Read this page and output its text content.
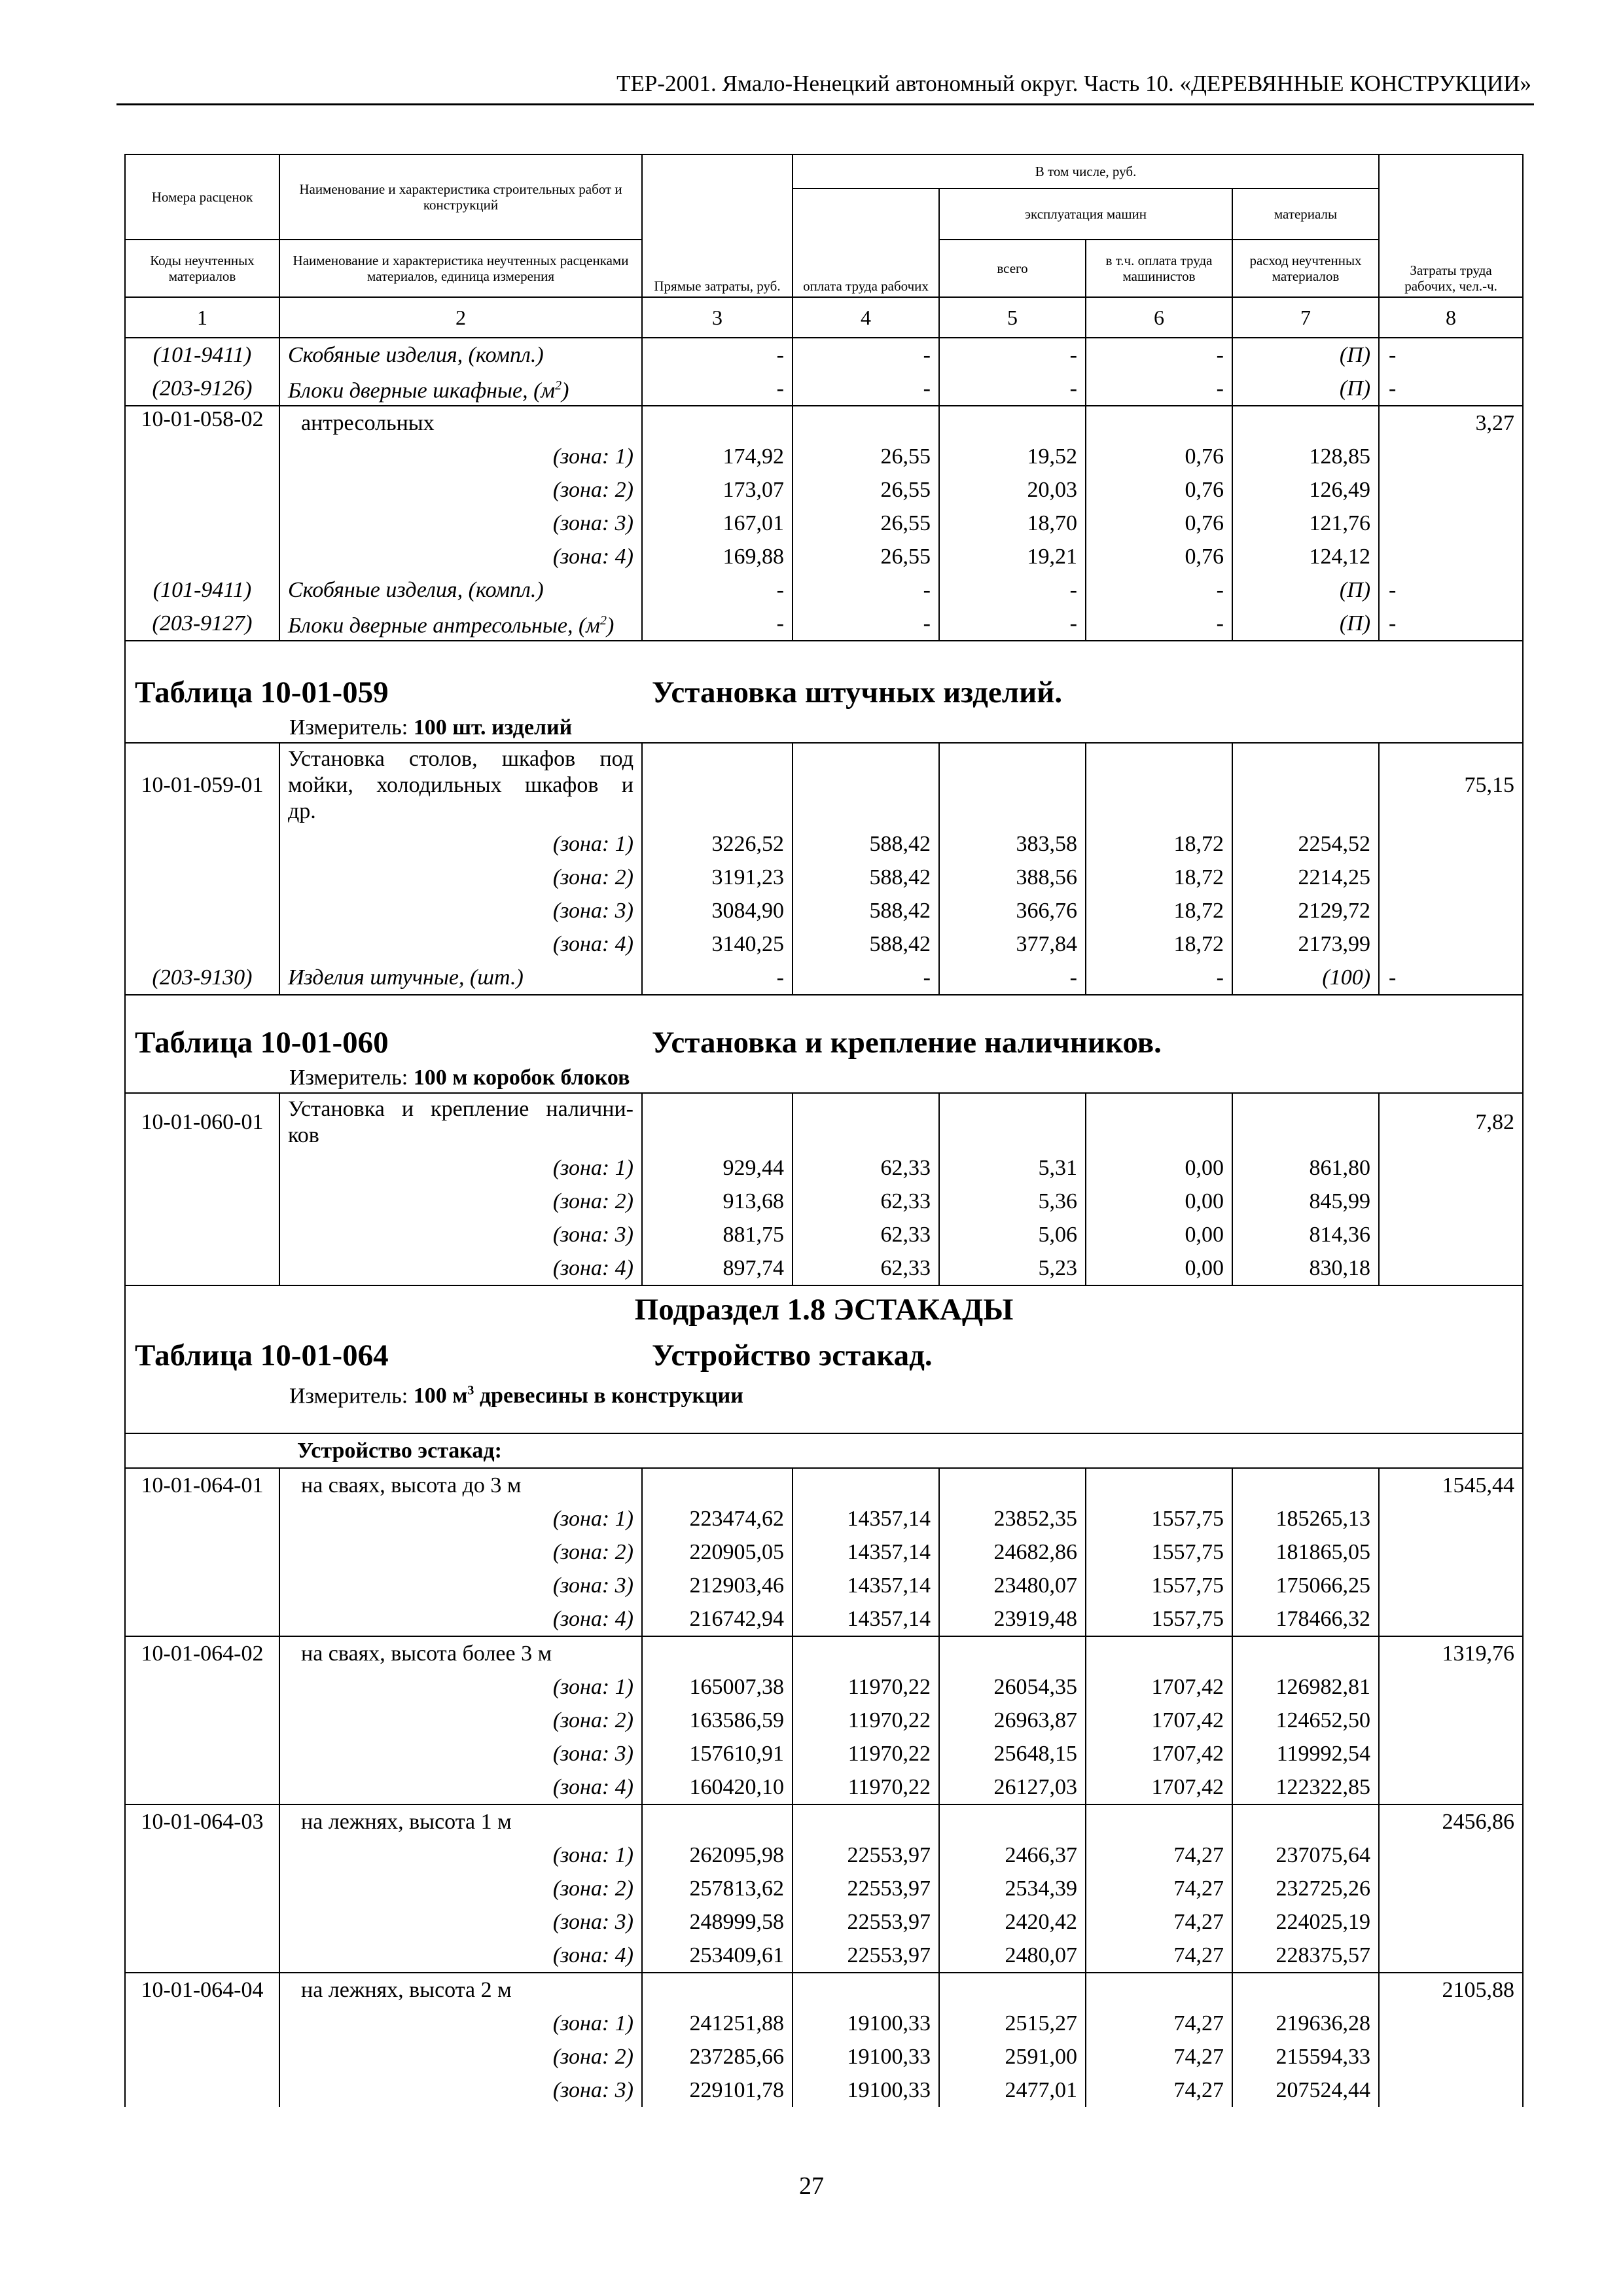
ТЕР-2001. Ямало-Ненецкий автономный округ. Часть 10. «ДЕРЕВЯННЫЕ КОНСТРУКЦИИ»
Номера расценок	Наименование и характеристика строительных работ и конструкций	Прямые затраты, руб.	В том числе, руб.				Затраты труда рабочих, чел.-ч.
			оплата труда рабочих	эксплуатация машин		материалы	
Коды неучтенных материалов	Наименование и характеристика неучтенных расценками материалов, единица измерения			всего	в т.ч. оплата труда машинистов	расход неучтенных материалов	
1	2	3	4	5	6	7	8
(101-9411)	Скобяные изделия, (компл.)	-	-	-	-	(П)	-
(203-9126)	Блоки дверные шкафные, $(м^2)$	-	-	-	-	(П)	-
10-01-058-02	антресольных						3,27
	(зона: 1)	174,92	26,55	19,52	0,76	128,85	
	(зона: 2)	173,07	26,55	20,03	0,76	126,49	
	(зона: 3)	167,01	26,55	18,70	0,76	121,76	
	(зона: 4)	169,88	26,55	19,21	0,76	124,12	
(101-9411)	Скобяные изделия, (компл.)	-	-	-	-	(П)	-
(203-9127)	Блоки дверные антресольные, $(м^2)$	-	-	-	-	(П)	-

Таблица 10-01-059 Установка штучных изделий.
Измеритель: 100 шт. изделий							

10-01-059-01	Установка столов, шкафов под
мойки, холодильных шкафов и
др.						75,15
	(зона: 1)	3226,52	588,42	383,58	18,72	2254,52	
	(зона: 2)	3191,23	588,42	388,56	18,72	2214,25	
	(зона: 3)	3084,90	588,42	366,76	18,72	2129,72	
	(зона: 4)	3140,25	588,42	377,84	18,72	2173,99	
(203-9130)	Изделия штучные, (шт.)	-	-	-	-	(100)	-

Таблица 10-01-060 Установка и крепление наличников.
Измеритель: 100 м коробок блоков							

10-01-060-01	Установка и крепление налични-
ков						7,82
	(зона: 1)	929,44	62,33	5,31	0,00	861,80	
	(зона: 2)	913,68	62,33	5,36	0,00	845,99	
	(зона: 3)	881,75	62,33	5,06	0,00	814,36	
	(зона: 4)	897,74	62,33	5,23	0,00	830,18	

Подраздел 1.8 ЭСТАКАДЫ
Таблица 10-01-064 Устройство эстакад.
Измеритель: 100 $м^3$ древесины в конструкции							

Устройство эстакад:							
10-01-064-01	на сваях, высота до 3 м						1545,44
	(зона: 1)	223474,62	14357,14	23852,35	1557,75	185265,13	
	(зона: 2)	220905,05	14357,14	24682,86	1557,75	181865,05	
	(зона: 3)	212903,46	14357,14	23480,07	1557,75	175066,25	
	(зона: 4)	216742,94	14357,14	23919,48	1557,75	178466,32	
10-01-064-02	на сваях, высота более 3 м						1319,76
	(зона: 1)	165007,38	11970,22	26054,35	1707,42	126982,81	
	(зона: 2)	163586,59	11970,22	26963,87	1707,42	124652,50	
	(зона: 3)	157610,91	11970,22	25648,15	1707,42	119992,54	
	(зона: 4)	160420,10	11970,22	26127,03	1707,42	122322,85	
10-01-064-03	на лежнях, высота 1 м						2456,86
	(зона: 1)	262095,98	22553,97	2466,37	74,27	237075,64	
	(зона: 2)	257813,62	22553,97	2534,39	74,27	232725,26	
	(зона: 3)	248999,58	22553,97	2420,42	74,27	224025,19	
	(зона: 4)	253409,61	22553,97	2480,07	74,27	228375,57	
10-01-064-04	на лежнях, высота 2 м						2105,88
	(зона: 1)	241251,88	19100,33	2515,27	74,27	219636,28	
	(зона: 2)	237285,66	19100,33	2591,00	74,27	215594,33	
	(зона: 3)	229101,78	19100,33	2477,01	74,27	207524,44	
27
